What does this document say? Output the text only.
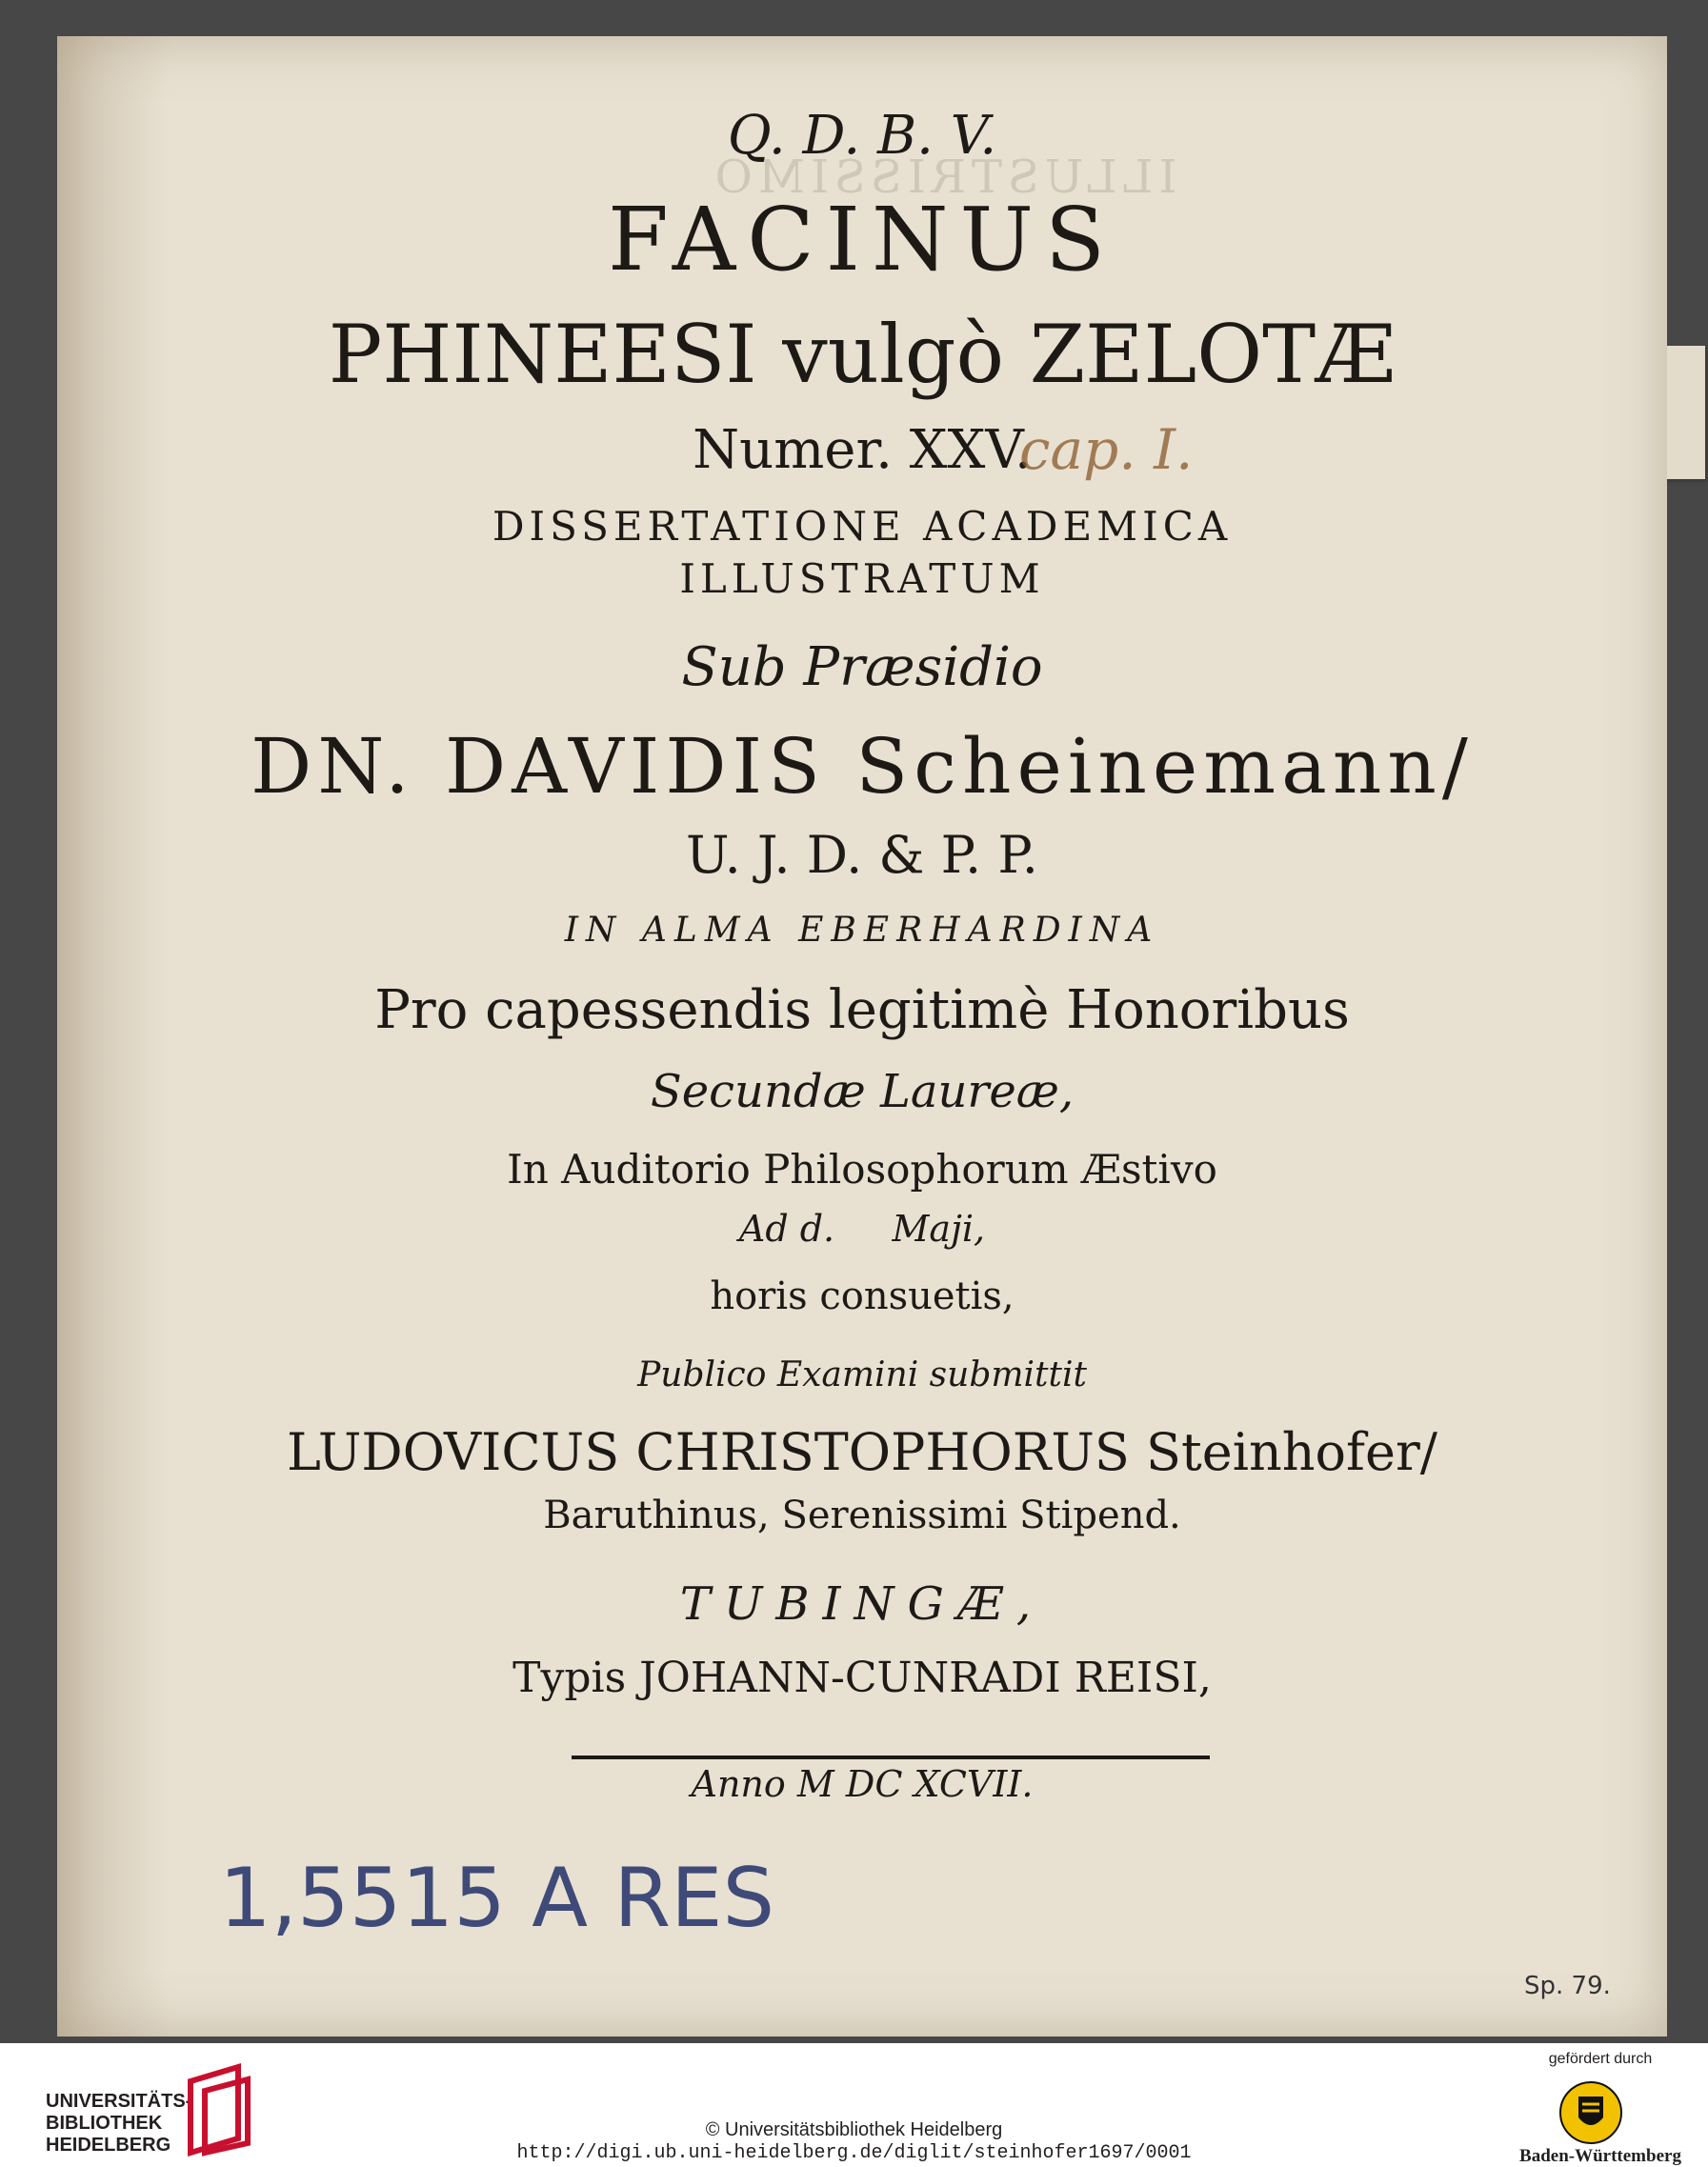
ILLUSTRISSIMO
Q. D. B. V.
FACINUS
PHINEESI vulgò ZELOTÆ
Numer. XXV.
DISSERTATIONE ACADEMICA
ILLUSTRATUM
Sub Præsidio
DN. DAVIDIS Scheinemann/
U. J. D. & P. P.
IN ALMA EBERHARDINA
Pro capessendis legitimè Honoribus
Secundæ Laureæ,
In Auditorio Philosophorum Æstivo
Ad d.     Maji,
horis consuetis,
Publico Examini submittit
LUDOVICUS CHRISTOPHORUS Steinhofer/
Baruthinus, Serenissimi Stipend.
TUBINGÆ,
Typis JOHANN-CUNRADI REISI,
Anno M DC XCVII.
cap. I.
1,5515 A RES
Sp. 79.
UNIVERSITÄTS-
BIBLIOTHEK
HEIDELBERG
© Universitätsbibliothek Heidelberg
http://digi.ub.uni-heidelberg.de/diglit/steinhofer1697/0001
gefördert durch
Baden-Württemberg
